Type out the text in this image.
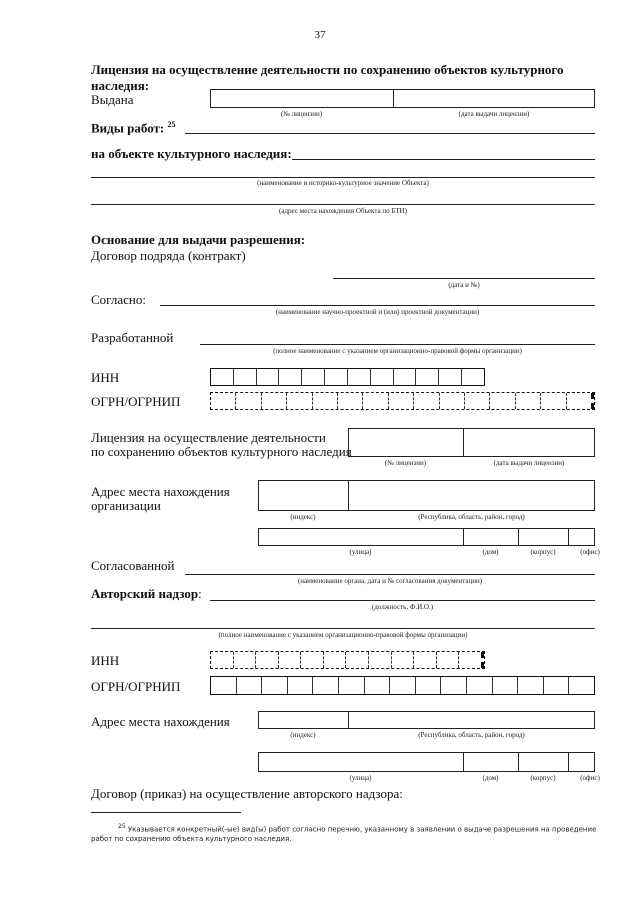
37
Лицензия на осуществление деятельности по сохранению объектов культурного
наследия:
Выдана
(№ лицензии)	(дата выдачи лицензии)
Виды работ: $^{25}$
на объекте культурного наследия:
(наименование и историко-культурное значение Объекта)
(адрес места нахождения Объекта по БТИ)
Основание для выдачи разрешения:
Договор подряда (контракт)
(дата и №)
Согласно:
(наименование научно-проектной и (или) проектной документации)
Разработанной
(полное наименование с указанием организационно-правовой формы организации)
ИНН
ОГРН/ОГРНИП
Лицензия на осуществление деятельности
по сохранению объектов культурного наследия
(№ лицензии)	(дата выдачи лицензии)
Адрес места нахождения
организации
(индекс)	(Республика, область, район, город)
(улица)	(дом)	(корпус)	(офис)
Согласованной
(наименование органа, дата и № согласования документации)
Авторский надзор:
(должность, Ф.И.О.)
(полное наименование с указанием организационно-правовой формы организации)
ИНН
ОГРН/ОГРНИП
Адрес места нахождения
(индекс)	(Республика, область, район, город)
(улица)	(дом)	(корпус)	(офис)
Договор (приказ) на осуществление авторского надзора:
$^{25}$ Указывается конкретный(-ые) вид(ы) работ согласно перечню, указанному в заявлении о выдаче разрешения на проведение
работ по сохранению объекта культурного наследия.
